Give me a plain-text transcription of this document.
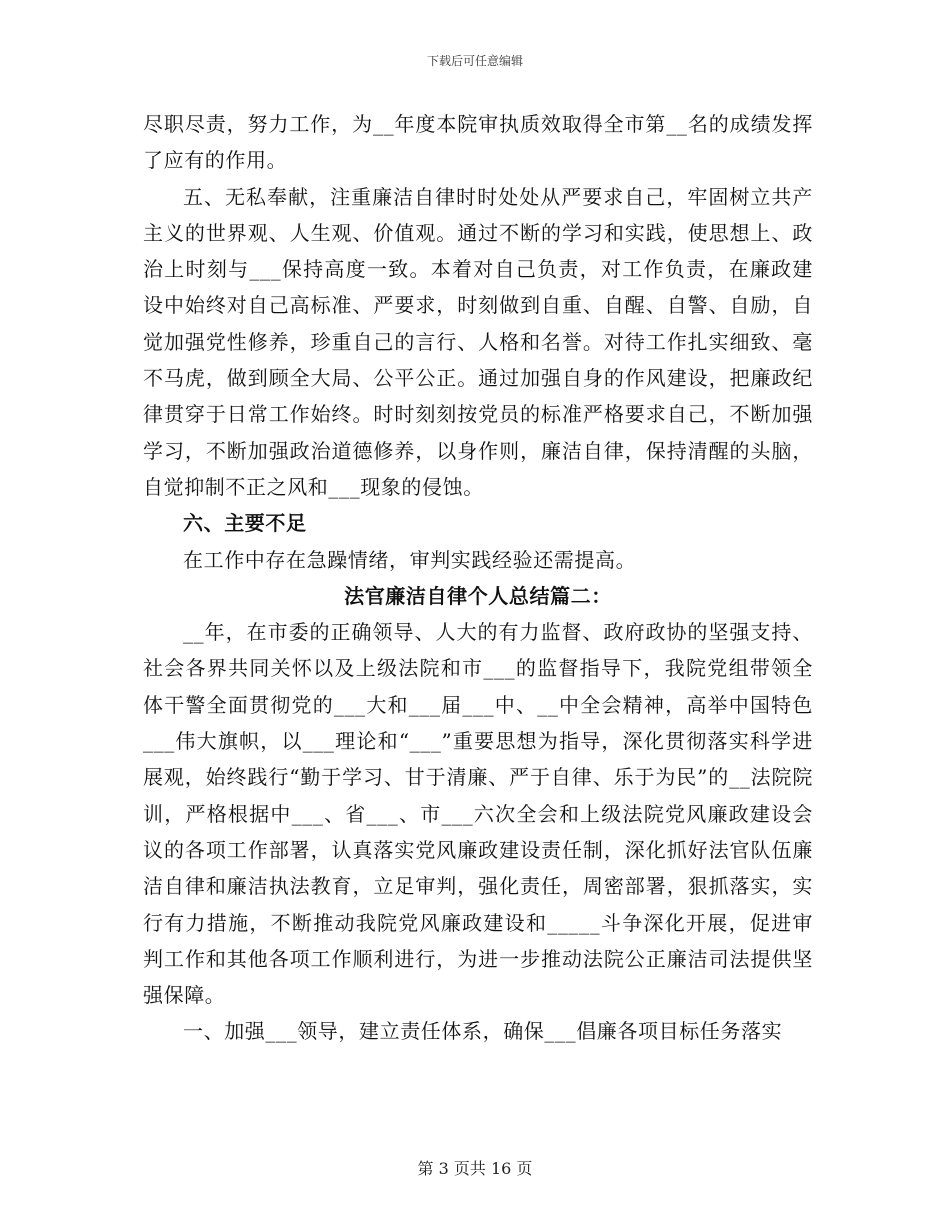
下载后可任意编辑

尽职尽责，努力工作，为__年度本院审执质效取得全市第__名的成绩发挥了应有的作用。

五、无私奉献，注重廉洁自律时时处处从严要求自己，牢固树立共产主义的世界观、人生观、价值观。通过不断的学习和实践，使思想上、政治上时刻与___保持高度一致。本着对自己负责，对工作负责，在廉政建设中始终对自己高标准、严要求，时刻做到自重、自醒、自警、自励，自觉加强党性修养，珍重自己的言行、人格和名誉。对待工作扎实细致、毫不马虎，做到顾全大局、公平公正。通过加强自身的作风建设，把廉政纪律贯穿于日常工作始终。时时刻刻按党员的标准严格要求自己，不断加强学习，不断加强政治道德修养，以身作则，廉洁自律，保持清醒的头脑，自觉抑制不正之风和___现象的侵蚀。

六、主要不足

在工作中存在急躁情绪，审判实践经验还需提高。

法官廉洁自律个人总结篇二：

__年，在市委的正确领导、人大的有力监督、政府政协的坚强支持、社会各界共同关怀以及上级法院和市___的监督指导下，我院党组带领全体干警全面贯彻党的___大和___届___中、__中全会精神，高举中国特色___伟大旗帜，以___理论和“___”重要思想为指导，深化贯彻落实科学进展观，始终践行“勤于学习、甘于清廉、严于自律、乐于为民”的__法院院训，严格根据中___、省___、市___六次全会和上级法院党风廉政建设会议的各项工作部署，认真落实党风廉政建设责任制，深化抓好法官队伍廉洁自律和廉洁执法教育，立足审判，强化责任，周密部署，狠抓落实，实行有力措施，不断推动我院党风廉政建设和_____斗争深化开展，促进审判工作和其他各项工作顺利进行，为进一步推动法院公正廉洁司法提供坚强保障。

一、加强___领导，建立责任体系，确保___倡廉各项目标任务落实

第 3 页共 16 页
